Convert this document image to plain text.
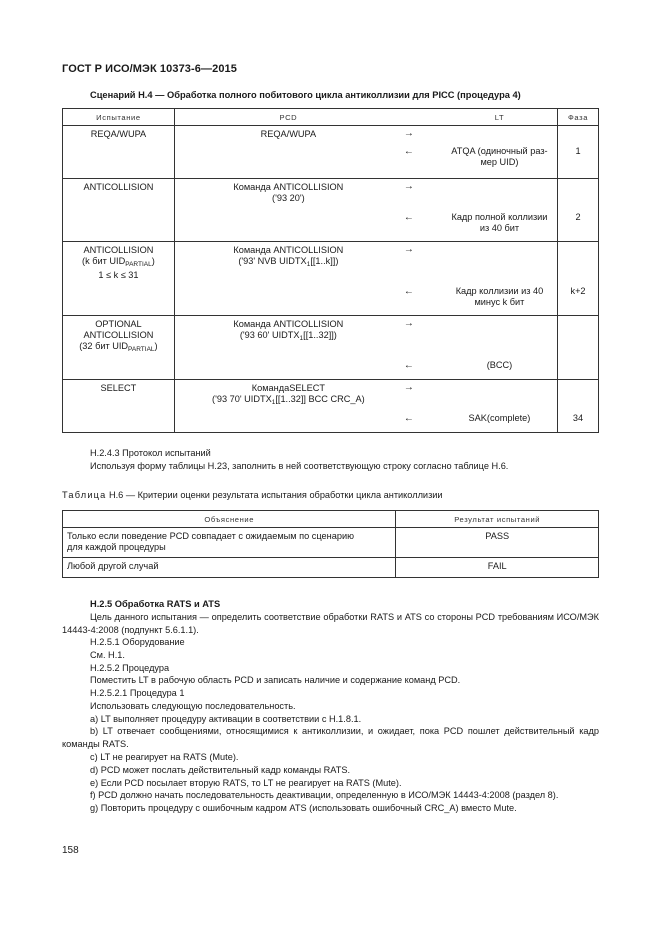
ГОСТ Р ИСО/МЭК 10373-6—2015
Сценарий Н.4 — Обработка полного побитового цикла антиколлизии для PICC (процедура 4)
Испытание	PCD	LT	Фаза
REQA/WUPA	REQA/WUPA	→
← ATQA (одиночный раз-
мер UID)	1

ANTICOLLISION	Команда ANTICOLLISION
('93 20')	→
← Кадр полной коллизии
из 40 бит	2

ANTICOLLISION
(k бит $UID_{PARTIAL}$)
1 ≤ k ≤ 31	Команда ANTICOLLISION
('93' NVB $UIDTX_1[[1..k]]$)	→
← Кадр коллизии из 40
минус k бит	k+2

OPTIONAL
ANTICOLLISION
(32 бит $UID_{PARTIAL}$)	Команда ANTICOLLISION
('93 60' $UIDTX_1[[1..32]]$)	→
← (BCC)	

SELECT	КомандаSELECT
('93 70' $UIDTX_1[[1..32]]$ BCC CRC_A)	→
← SAK(complete)	34
Н.2.4.3 Протокол испытаний
Используя форму таблицы Н.23, заполнить в ней соответствующую строку согласно таблице Н.6.
Таблица Н.6 — Критерии оценки результата испытания обработки цикла антиколлизии
Объяснение	Результат испытаний
Только если поведение PCD совпадает с ожидаемым по сценарию
для каждой процедуры	PASS
Любой другой случай	FAIL
Н.2.5 Обработка RATS и ATS
Цель данного испытания — определить соответствие обработки RATS и ATS со стороны PCD требованиям ИСО/МЭК 14443-4:2008 (подпункт 5.6.1.1).
Н.2.5.1 Оборудование
См. Н.1.
Н.2.5.2 Процедура
Поместить LT в рабочую область PCD и записать наличие и содержание команд PCD.
Н.2.5.2.1 Процедура 1
Использовать следующую последовательность.
a) LT выполняет процедуру активации в соответствии с Н.1.8.1.
b) LT отвечает сообщениями, относящимися к антиколлизии, и ожидает, пока PCD пошлет действительный кадр команды RATS.
c) LT не реагирует на RATS (Mute).
d) PCD может послать действительный кадр команды RATS.
e) Если PCD посылает вторую RATS, то LT не реагирует на RATS (Mute).
f) PCD должно начать последовательность деактивации, определенную в ИСО/МЭК 14443-4:2008 (раздел 8).
g) Повторить процедуру с ошибочным кадром ATS (использовать ошибочный CRC_A) вместо Mute.
158
